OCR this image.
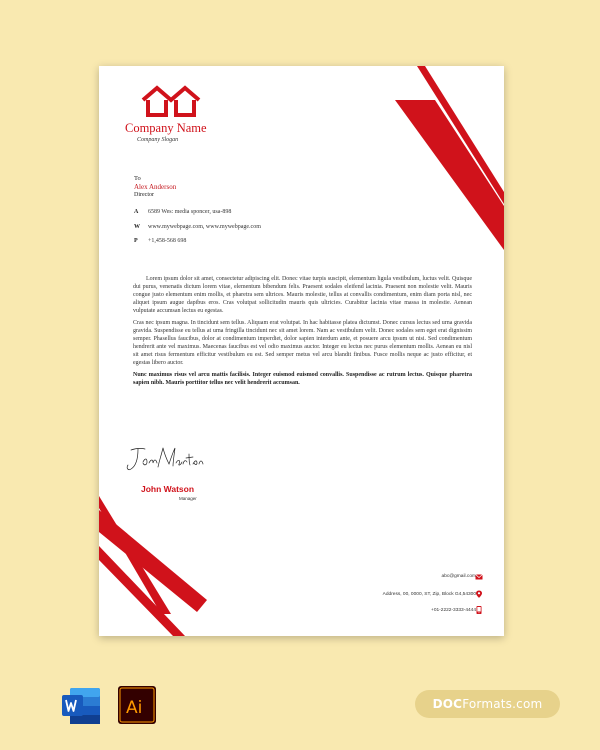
Company Name
Company Slogan
To
Alex Anderson
Director
A 6589 Wes: media sponcer, usa-898
W www.mywebpage.com, www.mywebpage.com
P +1,458-568 698

Lorem ipsum dolor sit amet, consectetur adipiscing elit. Donec vitae turpis suscipit, elementum ligula vestibulum, luctus velit. Quisque dui purus, venenatis dictum lorem vitae, elementum bibendum felis. Praesent sodales eleifend lacinia. Praesent non molestie velit. Mauris congue justo elementum enim mollis, et pharetra sem ultrices. Mauris molestie, tellus at convallis condimentum, enim diam porta nisl, nec aliquet ipsum augue dapibus eros. Cras volutpat sollicitudin mauris quis ultricies. Curabitur lacinia vitae massa in molestie. Aenean vulputate accumsan lectus eu egestas.

Cras nec ipsum magna. In tincidunt sem tellus. Aliquam erat volutpat. In hac habitasse platea dictumst. Donec cursus lectus sed urna gravida gravida. Suspendisse eu tellus at urna fringilla tincidunt nec sit amet lorem. Nam ac vestibulum velit. Donec sodales sem eget erat dignissim semper. Phasellus faucibus, dolor at condimentum imperdiet, dolor sapien interdum ante, et posuere arcu ipsum ut nisi. Sed condimentum hendrerit ante vel maximus. Maecenas faucibus est vel odio maximus auctor. Integer eu lectus nec purus elementum mollis. Aenean eu nisl sit amet risus fermentum efficitur vestibulum eu est. Sed semper metus vel arcu blandit finibus. Fusce mollis neque ac justo efficitur, et egestas libero auctor.

Nunc maximus risus vel arcu mattis facilisis. Integer euismod euismod convallis. Suspendisse ac rutrum lectus. Quisque pharetra sapien nibh. Mauris porttitor tellus nec velit hendrerit accumsan.

John Watson
Manager
abc@gmail.com
Address, 00, 0000, ST, Zip, Block G4,54300
+01-2222-3333-4444
Ai	DOC Formats.com
